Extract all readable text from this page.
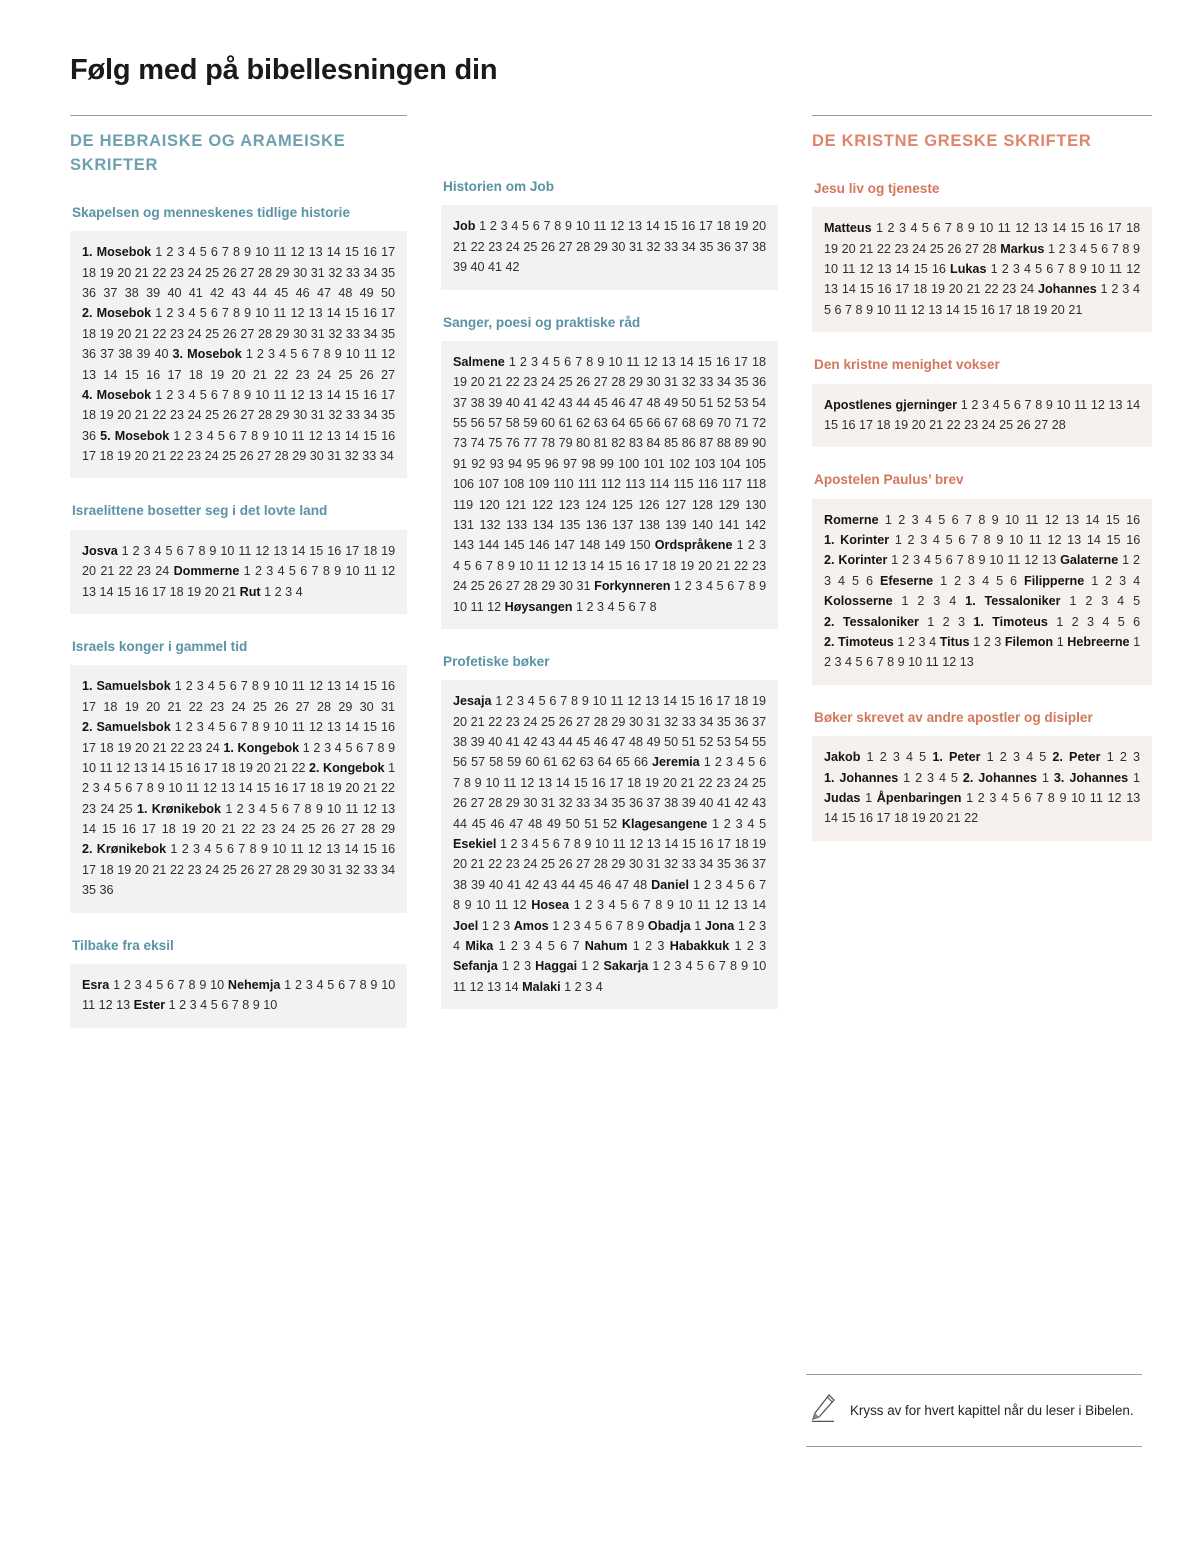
Følg med på bibellesningen din
DE HEBRAISKE OG ARAMEISKE SKRIFTER
Skapelsen og menneskenes tidlige historie
1. Mosebok 1 2 3 4 5 6 7 8 9 10 11 12 13 14 15 16 17 18 19 20 21 22 23 24 25 26 27 28 29 30 31 32 33 34 35 36 37 38 39 40 41 42 43 44 45 46 47 48 49 50 2. Mosebok 1 2 3 4 5 6 7 8 9 10 11 12 13 14 15 16 17 18 19 20 21 22 23 24 25 26 27 28 29 30 31 32 33 34 35 36 37 38 39 40 3. Mosebok 1 2 3 4 5 6 7 8 9 10 11 12 13 14 15 16 17 18 19 20 21 22 23 24 25 26 27 4. Mosebok 1 2 3 4 5 6 7 8 9 10 11 12 13 14 15 16 17 18 19 20 21 22 23 24 25 26 27 28 29 30 31 32 33 34 35 36 5. Mosebok 1 2 3 4 5 6 7 8 9 10 11 12 13 14 15 16 17 18 19 20 21 22 23 24 25 26 27 28 29 30 31 32 33 34
Israelittene bosetter seg i det lovte land
Josva 1 2 3 4 5 6 7 8 9 10 11 12 13 14 15 16 17 18 19 20 21 22 23 24 Dommerne 1 2 3 4 5 6 7 8 9 10 11 12 13 14 15 16 17 18 19 20 21 Rut 1 2 3 4
Israels konger i gammel tid
1. Samuelsbok 1 2 3 4 5 6 7 8 9 10 11 12 13 14 15 16 17 18 19 20 21 22 23 24 25 26 27 28 29 30 31 2. Samuelsbok 1 2 3 4 5 6 7 8 9 10 11 12 13 14 15 16 17 18 19 20 21 22 23 24 1. Kongebok 1 2 3 4 5 6 7 8 9 10 11 12 13 14 15 16 17 18 19 20 21 22 2. Kongebok 1 2 3 4 5 6 7 8 9 10 11 12 13 14 15 16 17 18 19 20 21 22 23 24 25 1. Krønikebok 1 2 3 4 5 6 7 8 9 10 11 12 13 14 15 16 17 18 19 20 21 22 23 24 25 26 27 28 29 2. Krønikebok 1 2 3 4 5 6 7 8 9 10 11 12 13 14 15 16 17 18 19 20 21 22 23 24 25 26 27 28 29 30 31 32 33 34 35 36
Tilbake fra eksil
Esra 1 2 3 4 5 6 7 8 9 10 Nehemja 1 2 3 4 5 6 7 8 9 10 11 12 13 Ester 1 2 3 4 5 6 7 8 9 10
Historien om Job
Job 1 2 3 4 5 6 7 8 9 10 11 12 13 14 15 16 17 18 19 20 21 22 23 24 25 26 27 28 29 30 31 32 33 34 35 36 37 38 39 40 41 42
Sanger, poesi og praktiske råd
Salmene 1 2 3 4 5 6 7 8 9 10 11 12 13 14 15 16 17 18 19 20 21 22 23 24 25 26 27 28 29 30 31 32 33 34 35 36 37 38 39 40 41 42 43 44 45 46 47 48 49 50 51 52 53 54 55 56 57 58 59 60 61 62 63 64 65 66 67 68 69 70 71 72 73 74 75 76 77 78 79 80 81 82 83 84 85 86 87 88 89 90 91 92 93 94 95 96 97 98 99 100 101 102 103 104 105 106 107 108 109 110 111 112 113 114 115 116 117 118 119 120 121 122 123 124 125 126 127 128 129 130 131 132 133 134 135 136 137 138 139 140 141 142 143 144 145 146 147 148 149 150 Ordspråkene 1 2 3 4 5 6 7 8 9 10 11 12 13 14 15 16 17 18 19 20 21 22 23 24 25 26 27 28 29 30 31 Forkynneren 1 2 3 4 5 6 7 8 9 10 11 12 Høysangen 1 2 3 4 5 6 7 8
Profetiske bøker
Jesaja 1 2 3 4 5 6 7 8 9 10 11 12 13 14 15 16 17 18 19 20 21 22 23 24 25 26 27 28 29 30 31 32 33 34 35 36 37 38 39 40 41 42 43 44 45 46 47 48 49 50 51 52 53 54 55 56 57 58 59 60 61 62 63 64 65 66 Jeremia 1 2 3 4 5 6 7 8 9 10 11 12 13 14 15 16 17 18 19 20 21 22 23 24 25 26 27 28 29 30 31 32 33 34 35 36 37 38 39 40 41 42 43 44 45 46 47 48 49 50 51 52 Klagesangene 1 2 3 4 5 Esekiel 1 2 3 4 5 6 7 8 9 10 11 12 13 14 15 16 17 18 19 20 21 22 23 24 25 26 27 28 29 30 31 32 33 34 35 36 37 38 39 40 41 42 43 44 45 46 47 48 Daniel 1 2 3 4 5 6 7 8 9 10 11 12 Hosea 1 2 3 4 5 6 7 8 9 10 11 12 13 14 Joel 1 2 3 Amos 1 2 3 4 5 6 7 8 9 Obadja 1 Jona 1 2 3 4 Mika 1 2 3 4 5 6 7 Nahum 1 2 3 Habakkuk 1 2 3 Sefanja 1 2 3 Haggai 1 2 Sakarja 1 2 3 4 5 6 7 8 9 10 11 12 13 14 Malaki 1 2 3 4
DE KRISTNE GRESKE SKRIFTER
Jesu liv og tjeneste
Matteus 1 2 3 4 5 6 7 8 9 10 11 12 13 14 15 16 17 18 19 20 21 22 23 24 25 26 27 28 Markus 1 2 3 4 5 6 7 8 9 10 11 12 13 14 15 16 Lukas 1 2 3 4 5 6 7 8 9 10 11 12 13 14 15 16 17 18 19 20 21 22 23 24 Johannes 1 2 3 4 5 6 7 8 9 10 11 12 13 14 15 16 17 18 19 20 21
Den kristne menighet vokser
Apostlenes gjerninger 1 2 3 4 5 6 7 8 9 10 11 12 13 14 15 16 17 18 19 20 21 22 23 24 25 26 27 28
Apostelen Paulus’ brev
Romerne 1 2 3 4 5 6 7 8 9 10 11 12 13 14 15 16 1. Korinter 1 2 3 4 5 6 7 8 9 10 11 12 13 14 15 16 2. Korinter 1 2 3 4 5 6 7 8 9 10 11 12 13 Galaterne 1 2 3 4 5 6 Efeserne 1 2 3 4 5 6 Filipperne 1 2 3 4 Kolosserne 1 2 3 4 1. Tessaloniker 1 2 3 4 5 2. Tessaloniker 1 2 3 1. Timoteus 1 2 3 4 5 6 2. Timoteus 1 2 3 4 Titus 1 2 3 Filemon 1 Hebreerne 1 2 3 4 5 6 7 8 9 10 11 12 13
Bøker skrevet av andre apostler og disipler
Jakob 1 2 3 4 5 1. Peter 1 2 3 4 5 2. Peter 1 2 3 1. Johannes 1 2 3 4 5 2. Johannes 1 3. Johannes 1 Judas 1 Åpenbaringen 1 2 3 4 5 6 7 8 9 10 11 12 13 14 15 16 17 18 19 20 21 22
Kryss av for hvert kapittel når du leser i Bibelen.
